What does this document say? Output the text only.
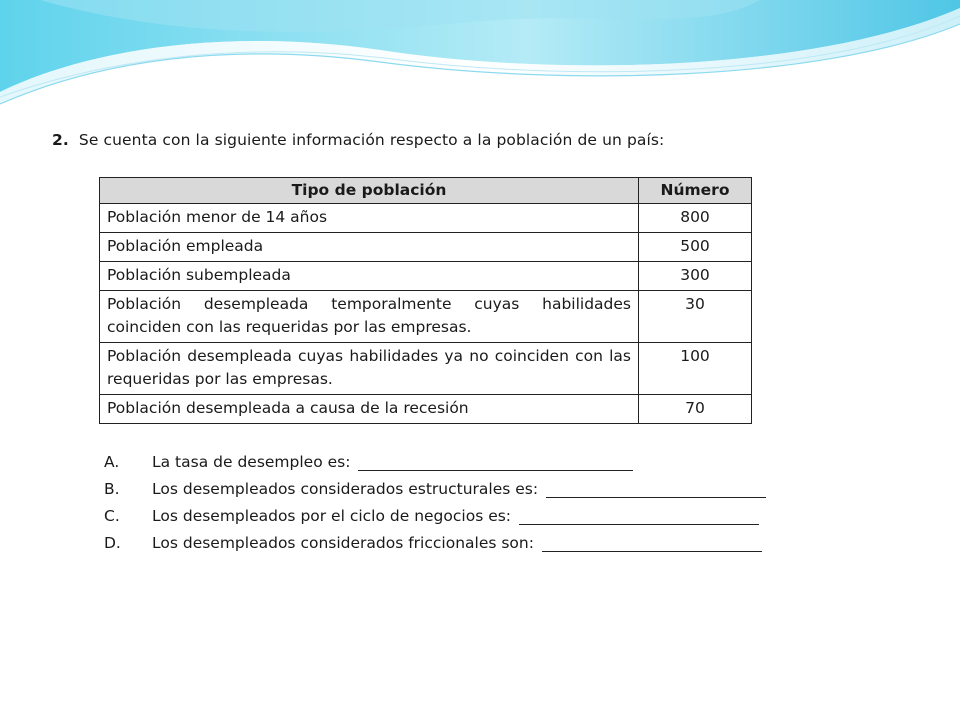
2. Se cuenta con la siguiente información respecto a la población de un país:
Tipo de población	Número
Población menor de 14 años	800
Población empleada	500
Población subempleada	300
Población desempleada temporalmente cuyas habilidades coinciden con las requeridas por las empresas.	30
Población desempleada cuyas habilidades ya no coinciden con las requeridas por las empresas.	100
Población desempleada a causa de la recesión	70
A.	La tasa de desempleo es:
B.	Los desempleados considerados estructurales es:
C.	Los desempleados por el ciclo de negocios es:
D.	Los desempleados considerados friccionales son:
